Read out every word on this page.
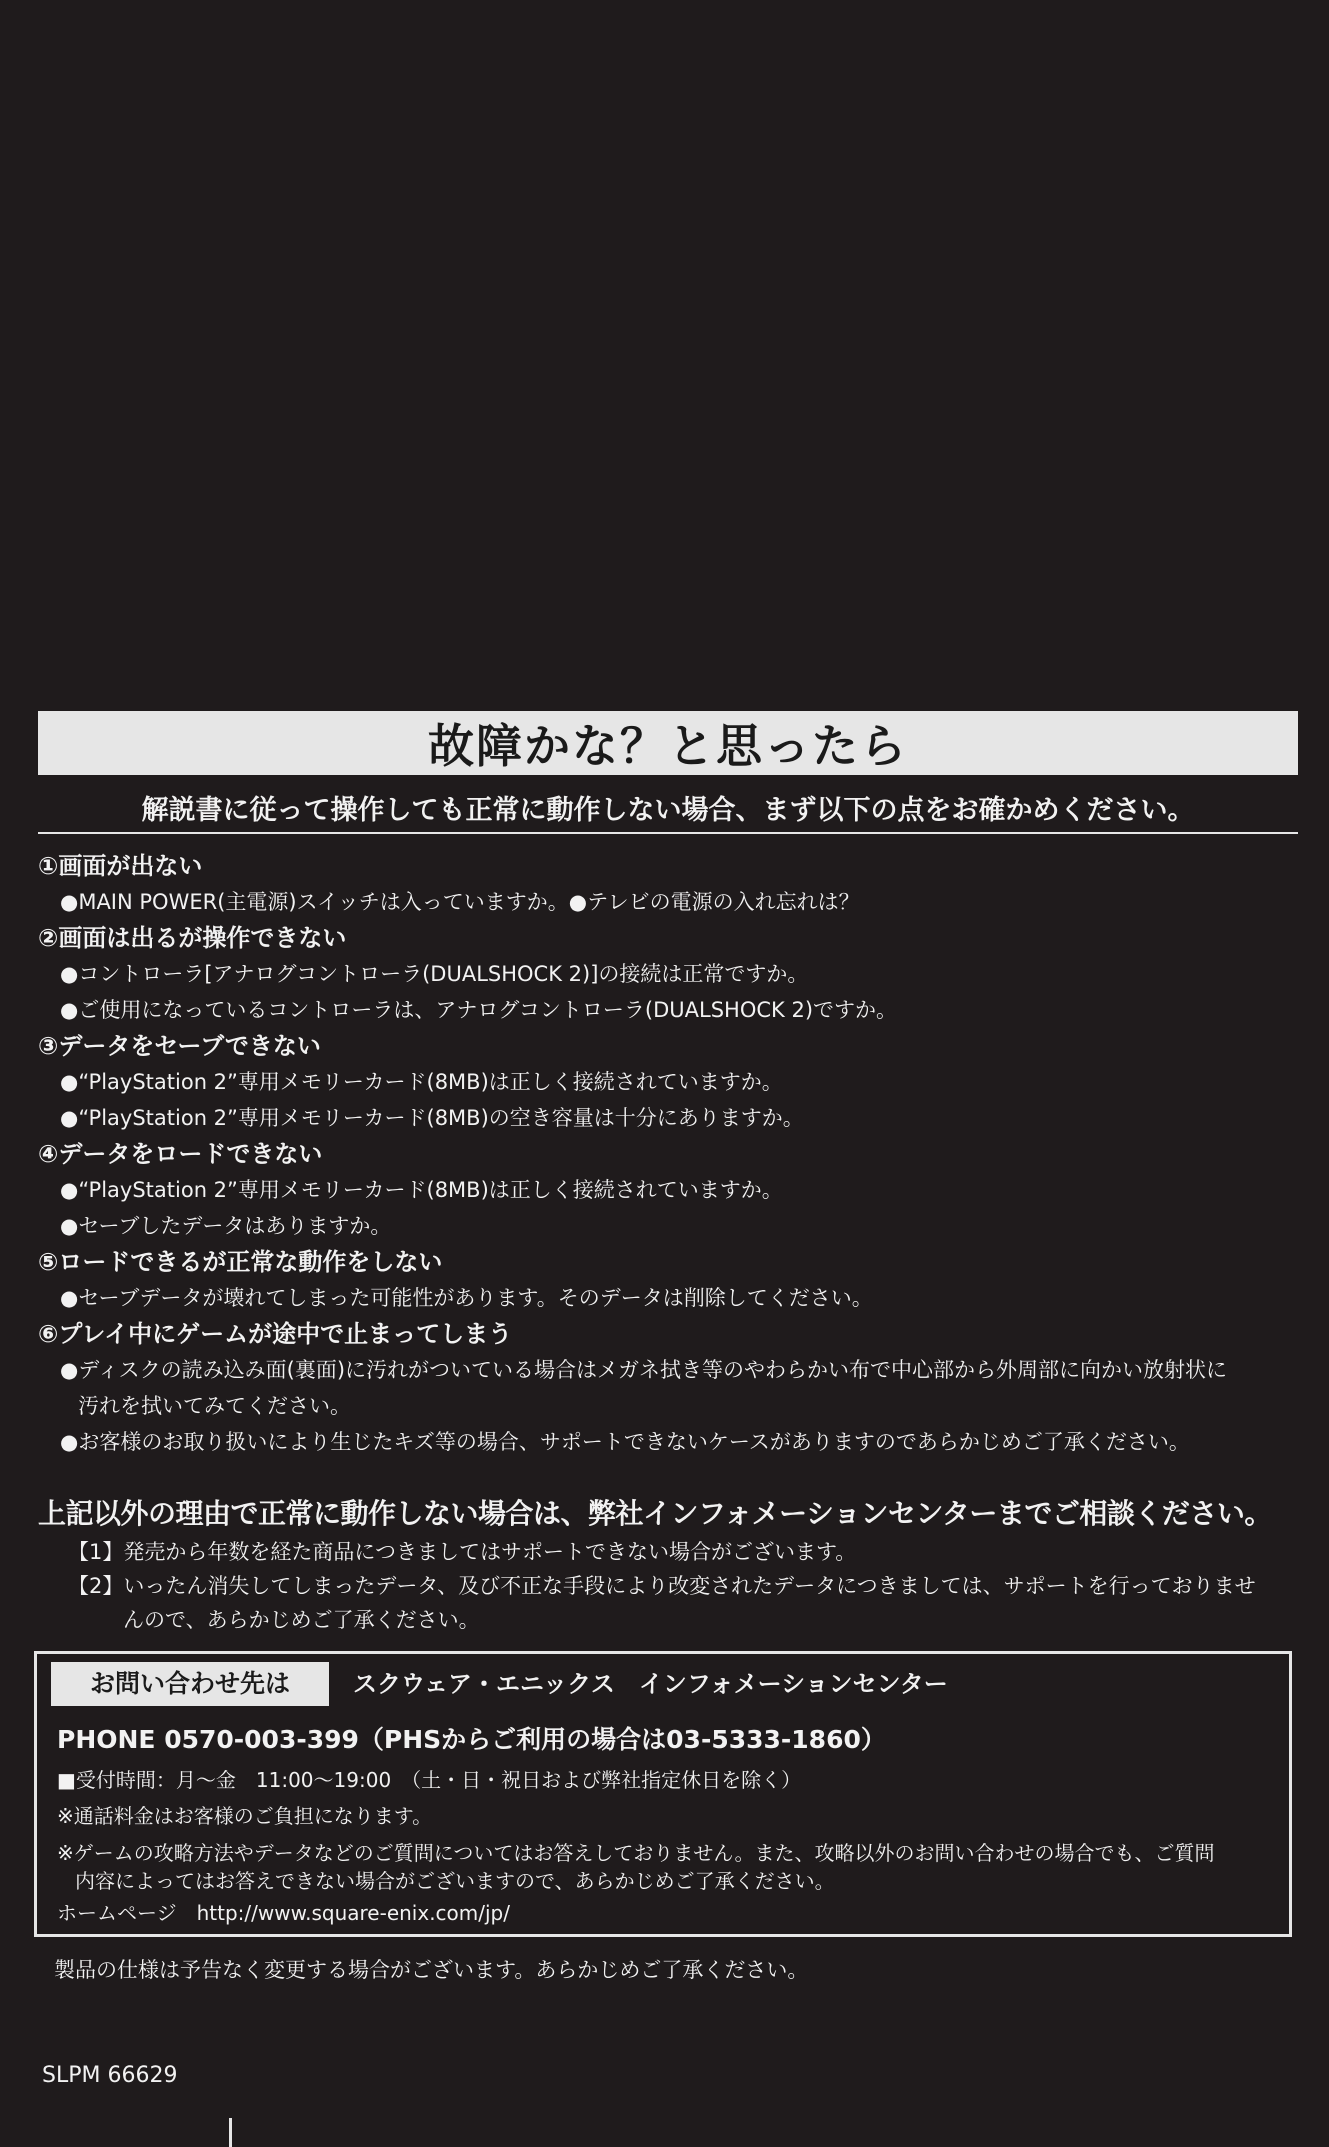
故障かな？と思ったら
解説書に従って操作しても正常に動作しない場合、まず以下の点をお確かめください。
①画面が出ない
●MAIN POWER(主電源)スイッチは入っていますか。●テレビの電源の入れ忘れは？
②画面は出るが操作できない
●コントローラ[アナログコントローラ(DUALSHOCK 2)]の接続は正常ですか。
●ご使用になっているコントローラは、アナログコントローラ(DUALSHOCK 2)ですか。
③データをセーブできない
●“PlayStation 2”専用メモリーカード(8MB)は正しく接続されていますか。
●“PlayStation 2”専用メモリーカード(8MB)の空き容量は十分にありますか。
④データをロードできない
●“PlayStation 2”専用メモリーカード(8MB)は正しく接続されていますか。
●セーブしたデータはありますか。
⑤ロードできるが正常な動作をしない
●セーブデータが壊れてしまった可能性があります。そのデータは削除してください。
⑥プレイ中にゲームが途中で止まってしまう
●ディスクの読み込み面(裏面)に汚れがついている場合はメガネ拭き等のやわらかい布で中心部から外周部に向かい放射状に
汚れを拭いてみてください。
●お客様のお取り扱いにより生じたキズ等の場合、サポートできないケースがありますのであらかじめご了承ください。
上記以外の理由で正常に動作しない場合は、弊社インフォメーションセンターまでご相談ください。
【1】発売から年数を経た商品につきましてはサポートできない場合がございます。
【2】いったん消失してしまったデータ、及び不正な手段により改変されたデータにつきましては、サポートを行っておりませ
んので、あらかじめご了承ください。
お問い合わせ先は	スクウェア・エニックス　インフォメーションセンター
PHONE 0570-003-399（PHSからご利用の場合は03-5333-1860）
■受付時間：月～金　11:00～19:00　（土・日・祝日および弊社指定休日を除く）
※通話料金はお客様のご負担になります。
※ゲームの攻略方法やデータなどのご質問についてはお答えしておりません。また、攻略以外のお問い合わせの場合でも、ご質問
内容によってはお答えできない場合がございますので、あらかじめご了承ください。
ホームページ　http://www.square-enix.com/jp/
製品の仕様は予告なく変更する場合がございます。あらかじめご了承ください。
SLPM 66629
